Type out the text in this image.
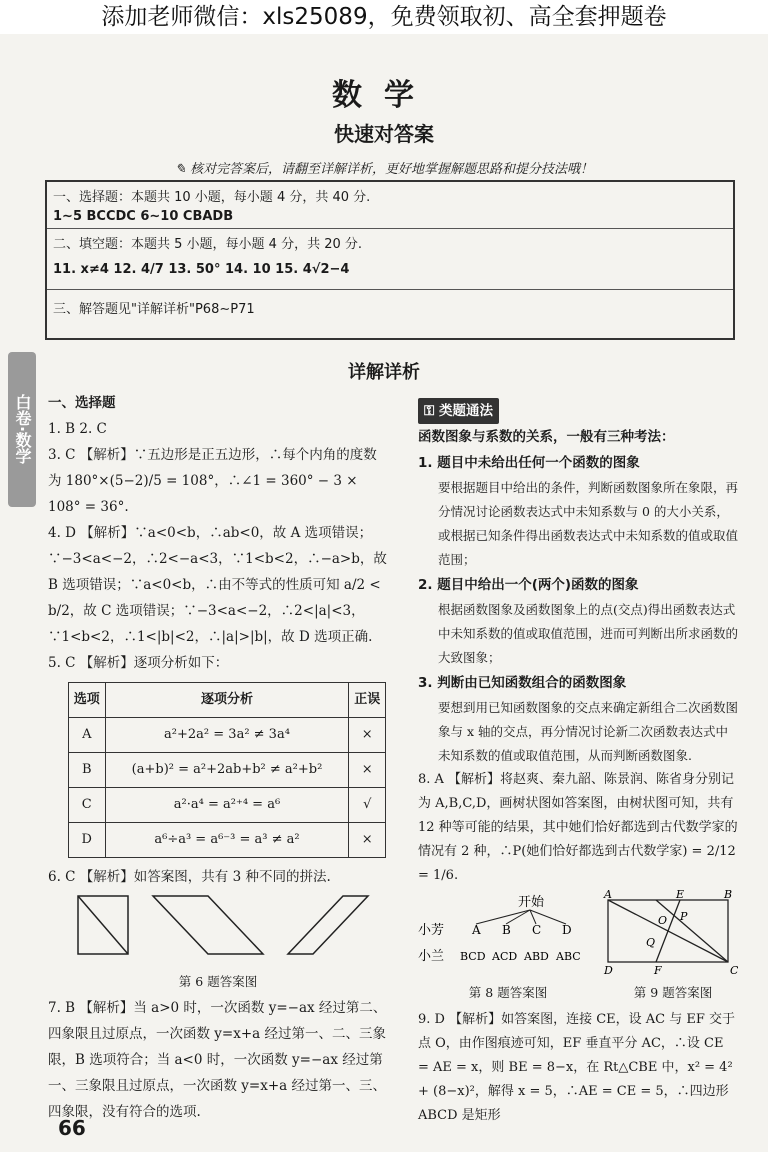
添加老师微信：xls25089，免费领取初、高全套押题卷
数学
快速对答案
✎ 核对完答案后，请翻至详解详析，更好地掌握解题思路和提分技法哦！
一、选择题：本题共 10 小题，每小题 4 分，共 40 分.
1∼5 BCCDC 6∼10 CBADB
二、填空题：本题共 5 小题，每小题 4 分，共 20 分.
11. x≠4 12. 4/7 13. 50° 14. 10 15. 4√2−4
三、解答题见"详解详析"P68∼P71
白卷·数学
详解详析
一、选择题

1. B 2. C

3. C 【解析】∵五边形是正五边形，∴每个内角的度数为 180°×(5−2)/5 = 108°，∴∠1 = 360° − 3 × 108° = 36°.

4. D 【解析】∵a<0<b，∴ab<0，故 A 选项错误；∵−3<a<−2，∴2<−a<3，∵1<b<2，∴−a>b，故 B 选项错误；∵a<0<b，∴由不等式的性质可知 a/2 < b/2，故 C 选项错误；∵−3<a<−2，∴2<|a|<3，∵1<b<2，∴1<|b|<2，∴|a|>|b|，故 D 选项正确.

5. C 【解析】逐项分析如下：

选项	逐项分析	正误
A	a²+2a² = 3a² ≠ 3a⁴	×
B	(a+b)² = a²+2ab+b² ≠ a²+b²	×
C	a²·a⁴ = a²⁺⁴ = a⁶	√
D	a⁶÷a³ = a⁶⁻³ = a³ ≠ a²	×

6. C 【解析】如答案图，共有 3 种不同的拼法.

第 6 题答案图

7. B 【解析】当 a>0 时，一次函数 y=−ax 经过第二、四象限且过原点，一次函数 y=x+a 经过第一、二、三象限，B 选项符合；当 a<0 时，一次函数 y=−ax 经过第一、三象限且过原点，一次函数 y=x+a 经过第一、三、四象限，没有符合的选项.

⚿ 类题通法
函数图象与系数的关系，一般有三种考法：
1. 题目中未给出任何一个函数的图象
要根据题目中给出的条件，判断函数图象所在象限，再分情况讨论函数表达式中未知系数与 0 的大小关系，或根据已知条件得出函数表达式中未知系数的值或取值范围；
2. 题目中给出一个(两个)函数的图象
根据函数图象及函数图象上的点(交点)得出函数表达式中未知系数的值或取值范围，进而可判断出所求函数的大致图象；
3. 判断由已知函数组合的函数图象
要想到用已知函数图象的交点来确定新组合二次函数图象与 x 轴的交点，再分情况讨论新二次函数表达式中未知系数的值或取值范围，从而判断函数图象.

8. A 【解析】将赵爽、秦九韶、陈景润、陈省身分别记为 A,B,C,D，画树状图如答案图，由树状图可知，共有 12 种等可能的结果，其中她们恰好都选到古代数学家的情况有 2 种，∴P(她们恰好都选到古代数学家) = 2/12 = 1/6.

开始
小芳
小兰
A B C D
BCD ACD ABD ABC
A	E	B
O P
Q
D	F	C
第 8 题答案图	第 9 题答案图

9. D 【解析】如答案图，连接 CE，设 AC 与 EF 交于点 O，由作图痕迹可知，EF 垂直平分 AC，∴设 CE = AE = x，则 BE = 8−x，在 Rt△CBE 中，x² = 4² + (8−x)²，解得 x = 5，∴AE = CE = 5，∴四边形 ABCD 是矩形

66
